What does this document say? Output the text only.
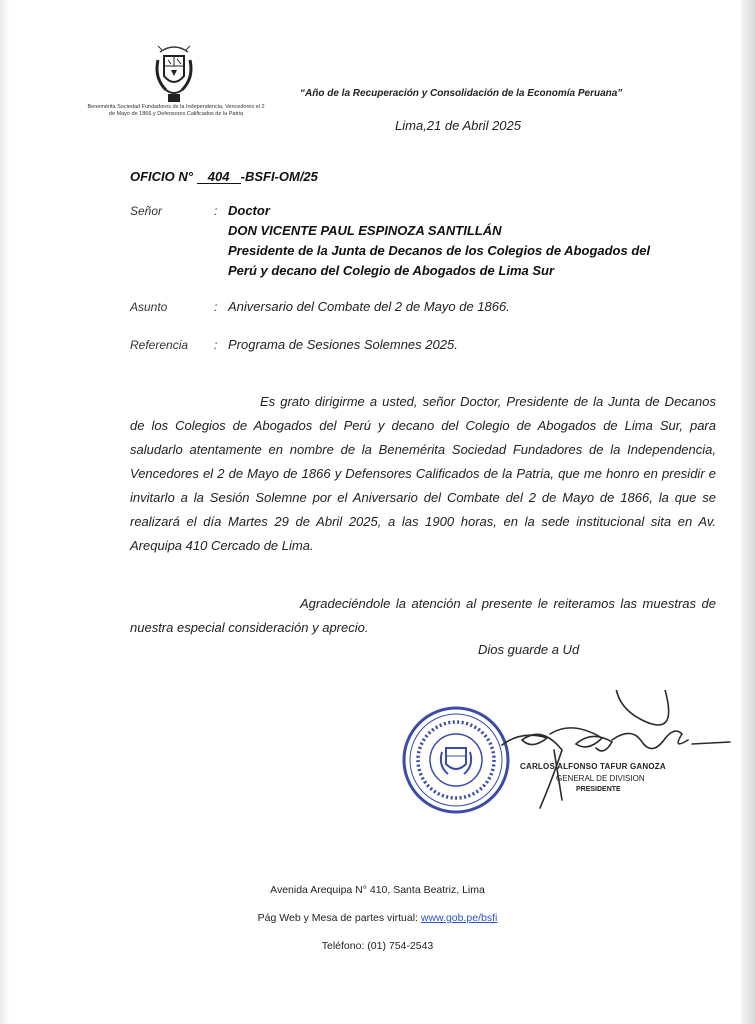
Benemérita Sociedad Fundadores de la Independencia, Vencedores el 2 de Mayo de 1866 y Defensores Calificados de la Patria
“Año de la Recuperación y Consolidación de la Economía Peruana”
Lima,21 de Abril 2025
OFICIO N° 404 -BSFI-OM/25
Señor	: Doctor
DON VICENTE PAUL ESPINOZA SANTILLÁN
Presidente de la Junta de Decanos de los Colegios de Abogados del
Perú y decano del Colegio de Abogados de Lima Sur
Asunto	: Aniversario del Combate del 2 de Mayo de 1866.
Referencia : Programa de Sesiones Solemnes 2025.
Es grato dirigirme a usted, señor Doctor, Presidente de la Junta de Decanos de los Colegios de Abogados del Perú y decano del Colegio de Abogados de Lima Sur, para saludarlo atentamente en nombre de la Benemérita Sociedad Fundadores de la Independencia, Vencedores el 2 de Mayo de 1866 y Defensores Calificados de la Patria, que me honro en presidir e invitarlo a la Sesión Solemne por el Aniversario del Combate del 2 de Mayo de 1866, la que se realizará el día Martes 29 de Abril 2025, a las 1900 horas, en la sede institucional sita en Av. Arequipa 410 Cercado de Lima.
Agradeciéndole la atención al presente le reiteramos las muestras de nuestra especial consideración y aprecio.
Dios guarde a Ud
CARLOS ALFONSO TAFUR GANOZA
GENERAL DE DIVISION
PRESIDENTE
Avenida Arequipa N° 410, Santa Beatriz, Lima
Pág Web y Mesa de partes virtual: www.gob.pe/bsfi
Teléfono: (01) 754-2543
